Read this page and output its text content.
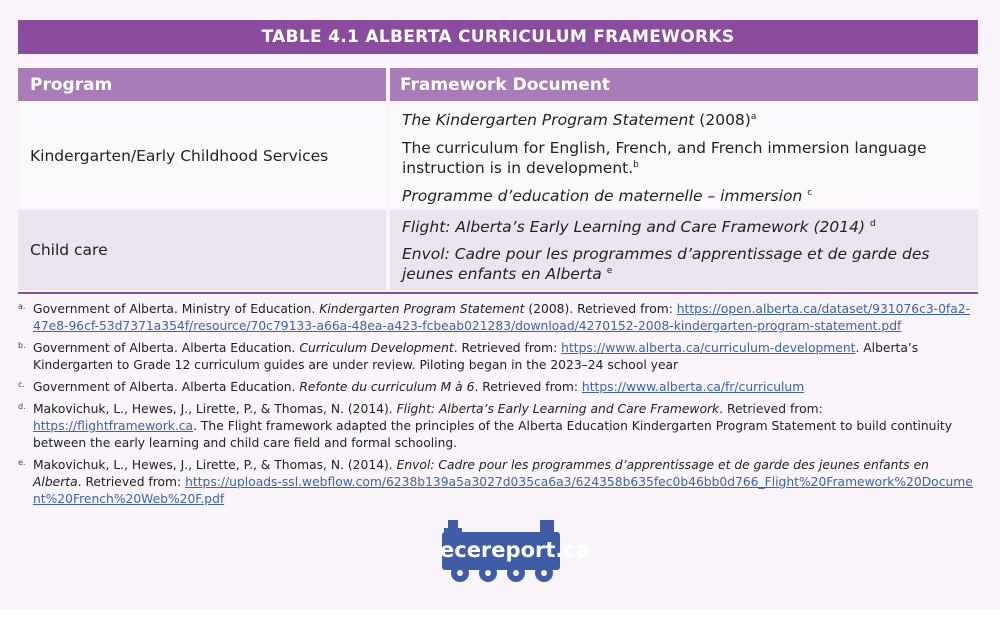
TABLE 4.1 ALBERTA CURRICULUM FRAMEWORKS
Program	Framework Document
Kindergarten/Early Childhood Services

The Kindergarten Program Statement $(2008)^a$

The curriculum for English, French, and French immersion language instruction is in development.$^b$

Programme d’education de maternelle – immersion $^c$

Child care

Flight: Alberta’s Early Learning and Care Framework (2014) $^d$

Envol: Cadre pour les programmes d’apprentissage et de garde des jeunes enfants en Alberta $^e$

a. Government of Alberta. Ministry of Education. Kindergarten Program Statement (2008). Retrieved from: https://open.alberta.ca/dataset/931076c3-0fa2-47e8-96cf-53d7371a354f/resource/70c79133-a66a-48ea-a423-fcbeab021283/download/4270152-2008-kindergarten-program-statement.pdf
b. Government of Alberta. Alberta Education. Curriculum Development. Retrieved from: https://www.alberta.ca/curriculum-development. Alberta’s Kindergarten to Grade 12 curriculum guides are under review. Piloting began in the 2023–24 school year
c. Government of Alberta. Alberta Education. Refonte du curriculum M à 6. Retrieved from: https://www.alberta.ca/fr/curriculum
d. Makovichuk, L., Hewes, J., Lirette, P., & Thomas, N. (2014). Flight: Alberta’s Early Learning and Care Framework. Retrieved from: https://flightframework.ca. The Flight framework adapted the principles of the Alberta Education Kindergarten Program Statement to build continuity between the early learning and child care field and formal schooling.
e. Makovichuk, L., Hewes, J., Lirette, P., & Thomas, N. (2014). Envol: Cadre pour les programmes d’apprentissage et de garde des jeunes enfants en Alberta. Retrieved from: https://uploads-ssl.webflow.com/6238b139a5a3027d035ca6a3/624358b635fec0b46bb0d766_Flight%20Framework%20Document%20French%20Web%20F.pdf
ecereport.ca
